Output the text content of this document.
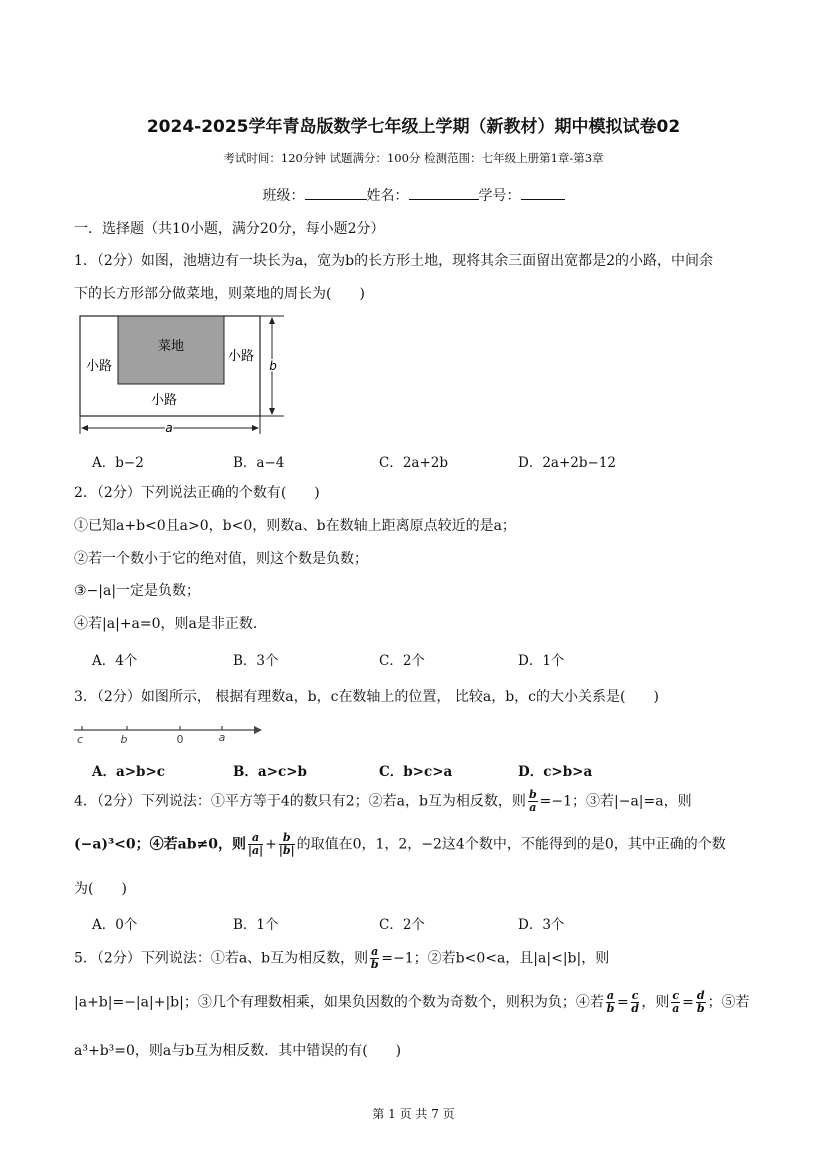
2024-2025学年青岛版数学七年级上学期（新教材）期中模拟试卷02
考试时间：120分钟 试题满分：100分 检测范围：七年级上册第1章-第3章
班级：	姓名：	学号：
一．选择题（共10小题，满分20分，每小题2分）
1．（2分）如图，池塘边有一块长为a，宽为b的长方形土地，现将其余三面留出宽都是2的小路，中间余
下的长方形部分做菜地，则菜地的周长为(　　)
菜地
小路
小路
小路
b
a
A．b−2	B．a−4	C．2a+2b	D．2a+2b−12
2．（2分）下列说法正确的个数有(　　)
①已知a+b<0且a>0，b<0，则数a、b在数轴上距离原点较近的是a；
②若一个数小于它的绝对值，则这个数是负数；
③−|a|一定是负数；
④若|a|+a=0，则a是非正数．
A．4个	B．3个	C．2个	D．1个
3．（2分）如图所示， 根据有理数a，b，c在数轴上的位置， 比较a，b，c的大小关系是(　　)
c	b	0	a
A．a>b>c	B．a>c>b	C．b>c>a	D．c>b>a
4．（2分）下列说法：①平方等于4的数只有2；②若a，b互为相反数，则 $\frac{b}{a} =-1$；③若|−a|=a，则
(−a)³<0；④若ab≠0，则 $\frac{a}{|a|} + \frac{b}{|b|}$ 的取值在0，1，2，−2这4个数中，不能得到的是0，其中正确的个数
为(　　)
A．0个	B．1个	C．2个	D．3个
5．（2分）下列说法：①若a、b互为相反数，则 $\frac{a}{b} =-1$；②若b<0<a，且|a|<|b|，则
|a+b|=−|a|+|b|；③几个有理数相乘，如果负因数的个数为奇数个，则积为负；④若 $\frac{a}{b} = \frac{c}{d}$ ，则 $\frac{c}{a} = \frac{d}{b}$ ；⑤若
a³+b³=0，则a与b互为相反数．其中错误的有(　　)
第 1 页 共 7 页
